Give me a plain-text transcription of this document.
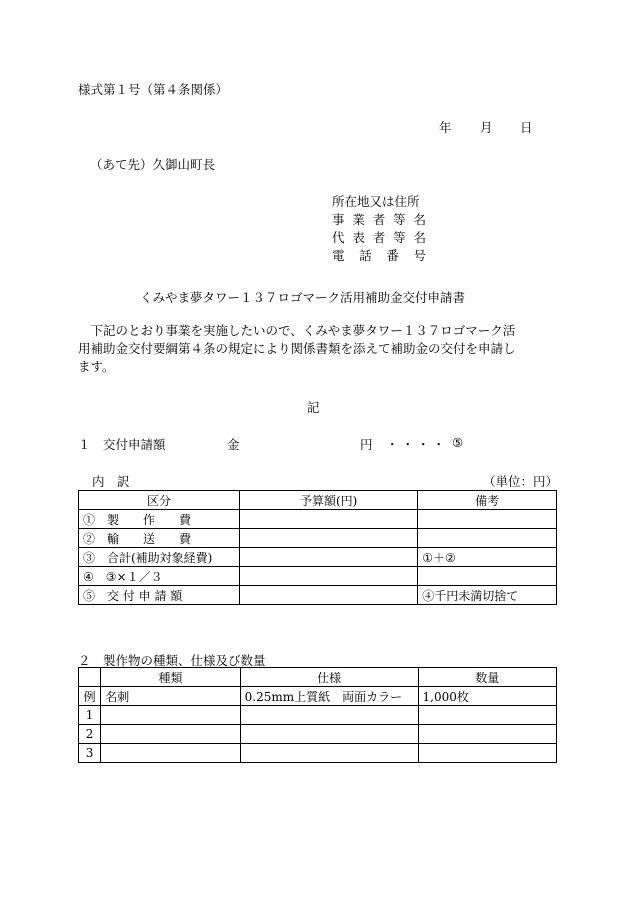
様式第１号（第４条関係）
年 月 日
（あて先）久御山町長
所在地又は住所
事 業 者 等 名
代 表 者 等 名
電 話 番 号
くみやま夢タワー１３７ロゴマーク活用補助金交付申請書
　下記のとおり事業を実施したいので、くみやま夢タワー１３７ロゴマーク活
用補助金交付要綱第４条の規定により関係書類を添えて補助金の交付を申請し
ます。
記
１　交付申請額	金	円 ・・・・ ⑤
内　訳	（単位：円）
区分	予算額(円)	備考
①　製　　作　　費		
②　輸　　送　　費		
③　合計(補助対象経費)		①＋②
④　③×１／３		
⑤　交 付 申 請 額		④千円未満切捨て
２　製作物の種類、仕様及び数量
	種類	仕様	数量
例	名刺	0.25mm上質紙　両面カラー	1,000枚
1			
2			
3			
